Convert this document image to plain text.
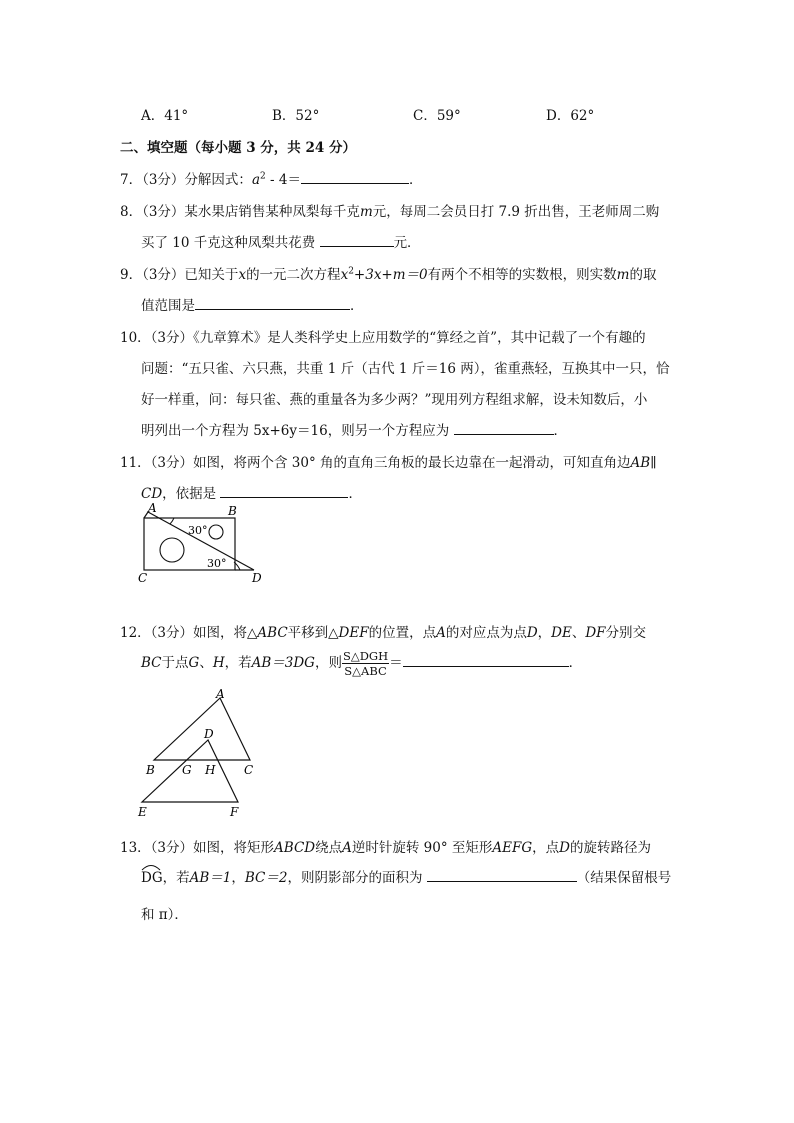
A．41°	B．52°	C．59°	D．62°
二、填空题（每小题 3 分，共 24 分）
7．（3分）分解因式：$a^2 - 4=$	．
8．（3分）某水果店销售某种凤梨每千克m元，每周二会员日打 7.9 折出售，王老师周二购
买了 10 千克这种凤梨共花费	元．
9．（3分）已知关于x的一元二次方程$x^2+3x+m=0$有两个不相等的实数根，则实数m的取
值范围是	．
10．（3分）《九章算术》是人类科学史上应用数学的“算经之首”，其中记载了一个有趣的
问题：“五只雀、六只燕，共重 1 斤（古代 1 斤＝16 两），雀重燕轻，互换其中一只，恰
好一样重，问：每只雀、燕的重量各为多少两？”现用列方程组求解，设未知数后，小
明列出一个方程为 5x+6y＝16，则另一个方程应为	．
11．（3分）如图，将两个含 30° 角的直角三角板的最长边靠在一起滑动，可知直角边AB∥
CD，依据是	．
A	B
C	D
30°
30°
12．（3分）如图，将△ABC平移到△DEF的位置，点A的对应点为点D，DE、DF分别交
BC于点G、H，若AB＝3DG，则 $\frac{\text{S△DGH}}{\text{S△ABC}}$ ＝	．
A
B	C
D
G H
E	F
13．（3分）如图，将矩形ABCD绕点A逆时针旋转 90° 至矩形AEFG，点D的旋转路径为
DG，若AB＝1，BC＝2，则阴影部分的面积为	（结果保留根号
和 π）．
